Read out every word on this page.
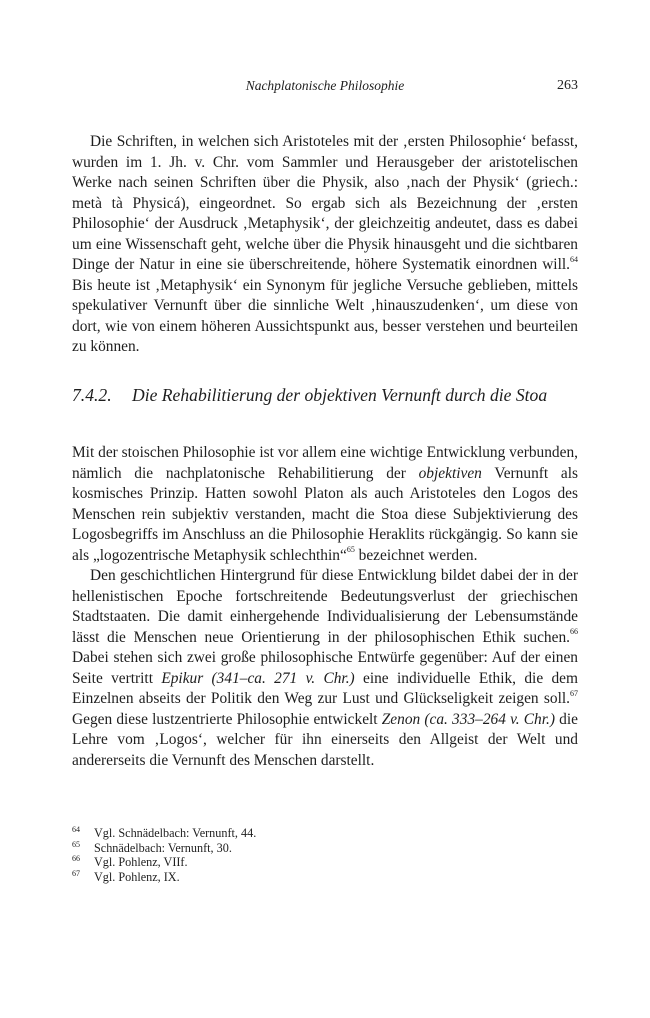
Nachplatonische Philosophie	263

Die Schriften, in welchen sich Aristoteles mit der ‚ersten Philosophie‘ befasst, wurden im 1. Jh. v. Chr. vom Sammler und Herausgeber der aristotelischen Werke nach seinen Schriften über die Physik, also ‚nach der Physik‘ (griech.: metà tà Physicá), eingeordnet. So ergab sich als Bezeichnung der ‚ersten Philosophie‘ der Ausdruck ‚Metaphysik‘, der gleichzeitig andeutet, dass es dabei um eine Wissenschaft geht, welche über die Physik hinausgeht und die sichtbaren Dinge der Natur in eine sie überschreitende, höhere Systematik einordnen will.$^{64}$ Bis heute ist ‚Metaphysik‘ ein Synonym für jegliche Versuche geblieben, mittels spekulativer Vernunft über die sinnliche Welt ‚hinauszudenken‘, um diese von dort, wie von einem höheren Aussichtspunkt aus, besser verstehen und beurteilen zu können.

7.4.2. Die Rehabilitierung der objektiven Vernunft durch die Stoa

Mit der stoischen Philosophie ist vor allem eine wichtige Entwicklung verbunden, nämlich die nachplatonische Rehabilitierung der objektiven Vernunft als kosmisches Prinzip. Hatten sowohl Platon als auch Aristoteles den Logos des Menschen rein subjektiv verstanden, macht die Stoa diese Subjektivierung des Logosbegriffs im Anschluss an die Philosophie Heraklits rückgängig. So kann sie als „logozentrische Metaphysik schlechthin“$^{65}$ bezeichnet werden.

Den geschichtlichen Hintergrund für diese Entwicklung bildet dabei der in der hellenistischen Epoche fortschreitende Bedeutungsverlust der griechischen Stadtstaaten. Die damit einhergehende Individualisierung der Lebensumstände lässt die Menschen neue Orientierung in der philosophischen Ethik suchen.$^{66}$ Dabei stehen sich zwei große philosophische Entwürfe gegenüber: Auf der einen Seite vertritt Epikur (341–ca. 271 v. Chr.) eine individuelle Ethik, die dem Einzelnen abseits der Politik den Weg zur Lust und Glückseligkeit zeigen soll.$^{67}$ Gegen diese lustzentrierte Philosophie entwickelt Zenon (ca. 333–264 v. Chr.) die Lehre vom ‚Logos‘, welcher für ihn einerseits den Allgeist der Welt und andererseits die Vernunft des Menschen darstellt.

64	Vgl. Schnädelbach: Vernunft, 44.
65	Schnädelbach: Vernunft, 30.
66	Vgl. Pohlenz, VIIf.
67	Vgl. Pohlenz, IX.
